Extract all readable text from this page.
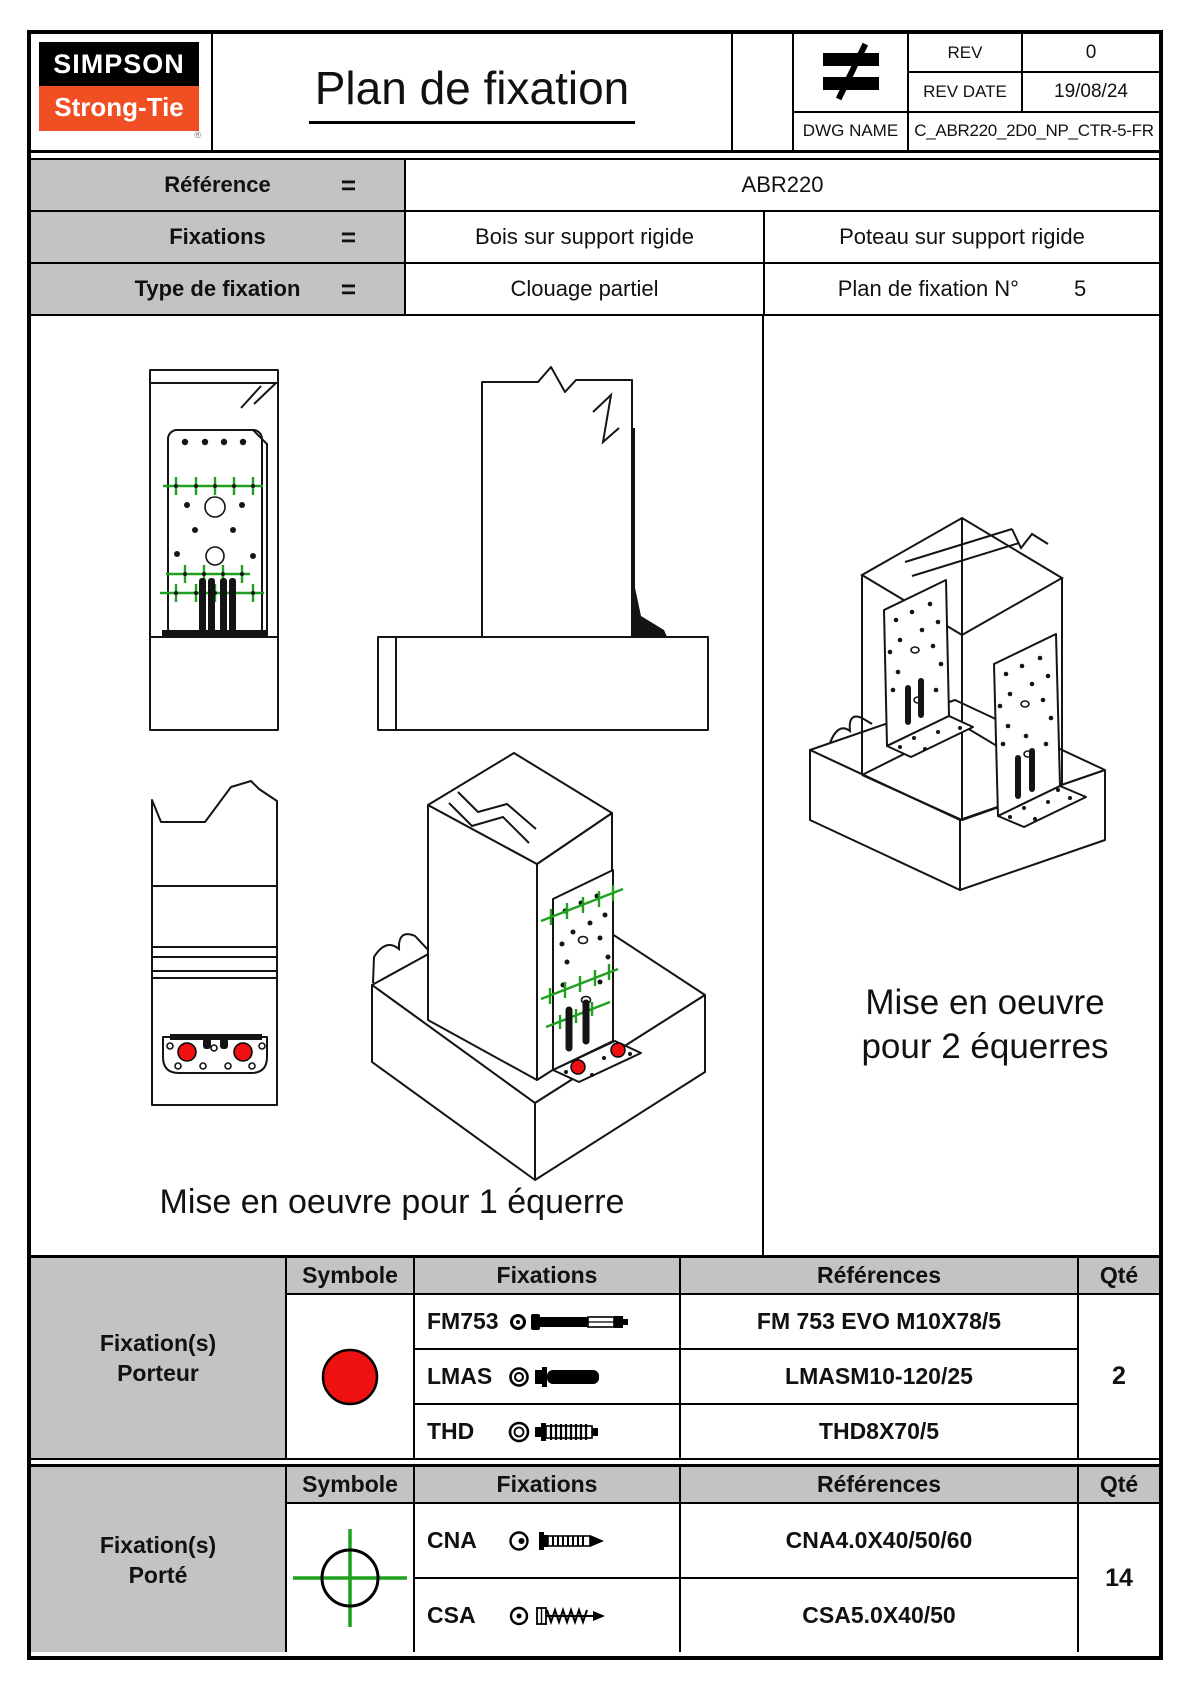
SIMPSON
Strong-Tie
®
Plan de fixation
REV	0
REV DATE	19/08/24
DWG NAME C_ABR220_2D0_NP_CTR-5-FR
Référence	=	ABR220
Fixations	=	Bois sur support rigide	Poteau sur support rigide
Type de fixation =	Clouage partiel	Plan de fixation N°	5
Mise en oeuvre pour 1 équerre
Mise en oeuvre
pour 2 équerres
Fixation(s)
Porteur
Symbole	Fixations	Références	Qté
FM753	FM 753 EVO M10X78/5
LMAS	LMASM10-120/25
THD	THD8X70/5
2
Fixation(s)
Porté
Symbole	Fixations	Références	Qté
CNA	CNA4.0X40/50/60
CSA	CSA5.0X40/50
14
